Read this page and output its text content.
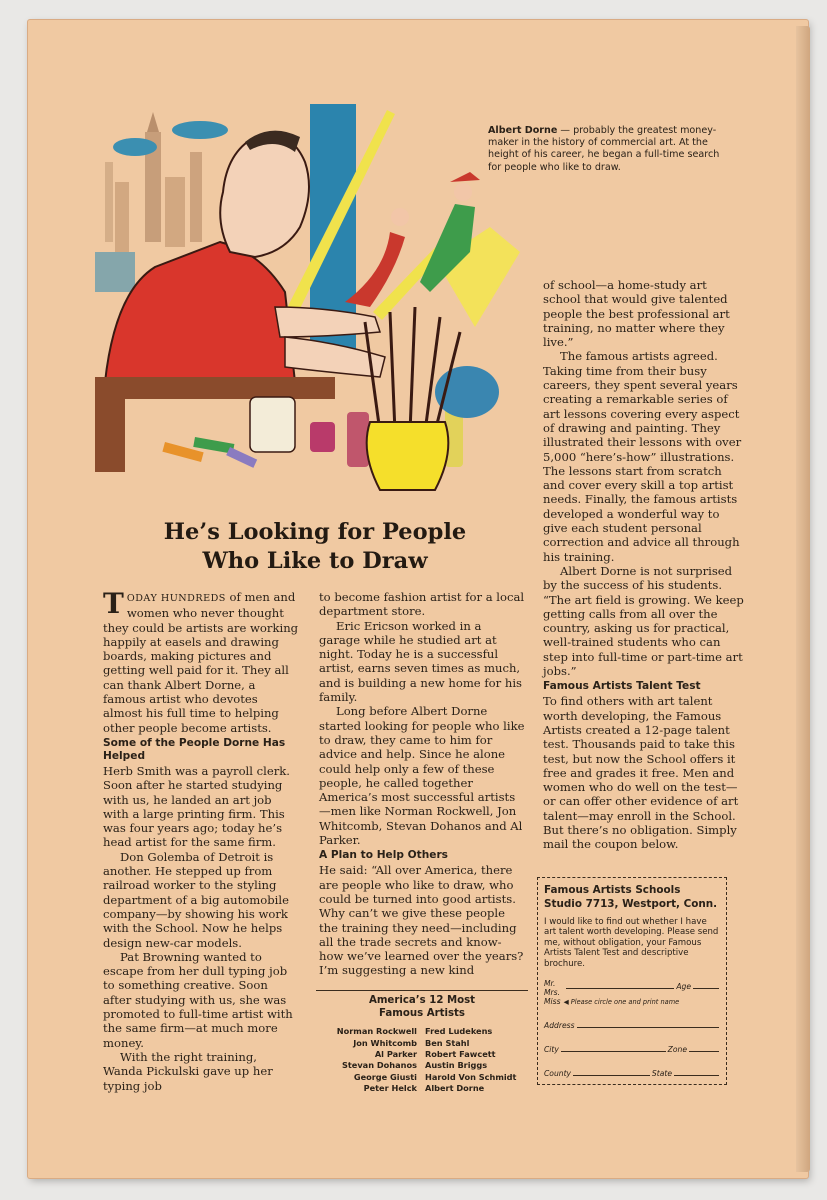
Albert Dorne — probably the greatest money-maker in the history of commercial art. At the height of his career, he began a full-time search for people who like to draw.
He’s Looking for People
Who Like to Draw

TODAY HUNDREDS of men and women who never thought they could be artists are working happily at easels and drawing boards, making pictures and getting well paid for it. They all can thank Albert Dorne, a famous artist who devotes almost his full time to helping other people become artists.

Some of the People Dorne Has Helped

Herb Smith was a payroll clerk. Soon after he started studying with us, he landed an art job with a large printing firm. This was four years ago; today he’s head artist for the same firm.

Don Golemba of Detroit is another. He stepped up from railroad worker to the styling department of a big automobile company—by showing his work with the School. Now he helps design new-car models.

Pat Browning wanted to escape from her dull typing job to something creative. Soon after studying with us, she was promoted to full-time artist with the same firm—at much more money.

With the right training, Wanda Pickulski gave up her typing job

to become fashion artist for a local department store.

Eric Ericson worked in a garage while he studied art at night. Today he is a successful artist, earns seven times as much, and is building a new home for his family.

Long before Albert Dorne started looking for people who like to draw, they came to him for advice and help. Since he alone could help only a few of these people, he called together America’s most successful artists—men like Norman Rockwell, Jon Whitcomb, Stevan Dohanos and Al Parker.

A Plan to Help Others

He said: “All over America, there are people who like to draw, who could be turned into good artists. Why can’t we give these people the training they need—including all the trade secrets and know-how we’ve learned over the years? I’m suggesting a new kind

America’s 12 Most
Famous Artists
Norman Rockwell	Fred Ludekens
Jon Whitcomb	Ben Stahl
Al Parker	Robert Fawcett
Stevan Dohanos	Austin Briggs
George Giusti	Harold Von Schmidt
Peter Helck	Albert Dorne

of school—a home-study art school that would give talented people the best professional art training, no matter where they live.”

The famous artists agreed. Taking time from their busy careers, they spent several years creating a remarkable series of art lessons covering every aspect of drawing and painting. They illustrated their lessons with over 5,000 “here’s-how” illustrations. The lessons start from scratch and cover every skill a top artist needs. Finally, the famous artists developed a wonderful way to give each student personal correction and advice all through his training.

Albert Dorne is not surprised by the success of his students. “The art field is growing. We keep getting calls from all over the country, asking us for practical, well-trained students who can step into full-time or part-time art jobs.”

Famous Artists Talent Test

To find others with art talent worth developing, the Famous Artists created a 12-page talent test. Thousands paid to take this test, but now the School offers it free and grades it free. Men and women who do well on the test—or can offer other evidence of art talent—may enroll in the School. But there’s no obligation. Simply mail the coupon below.

Famous Artists Schools
Studio 7713, Westport, Conn.
I would like to find out whether I have art talent worth developing. Please send me, without obligation, your Famous Artists Talent Test and descriptive brochure.
Mr.
Mrs.
Miss
Age
◀ Please circle one and print name
Address
City	Zone
County	State
